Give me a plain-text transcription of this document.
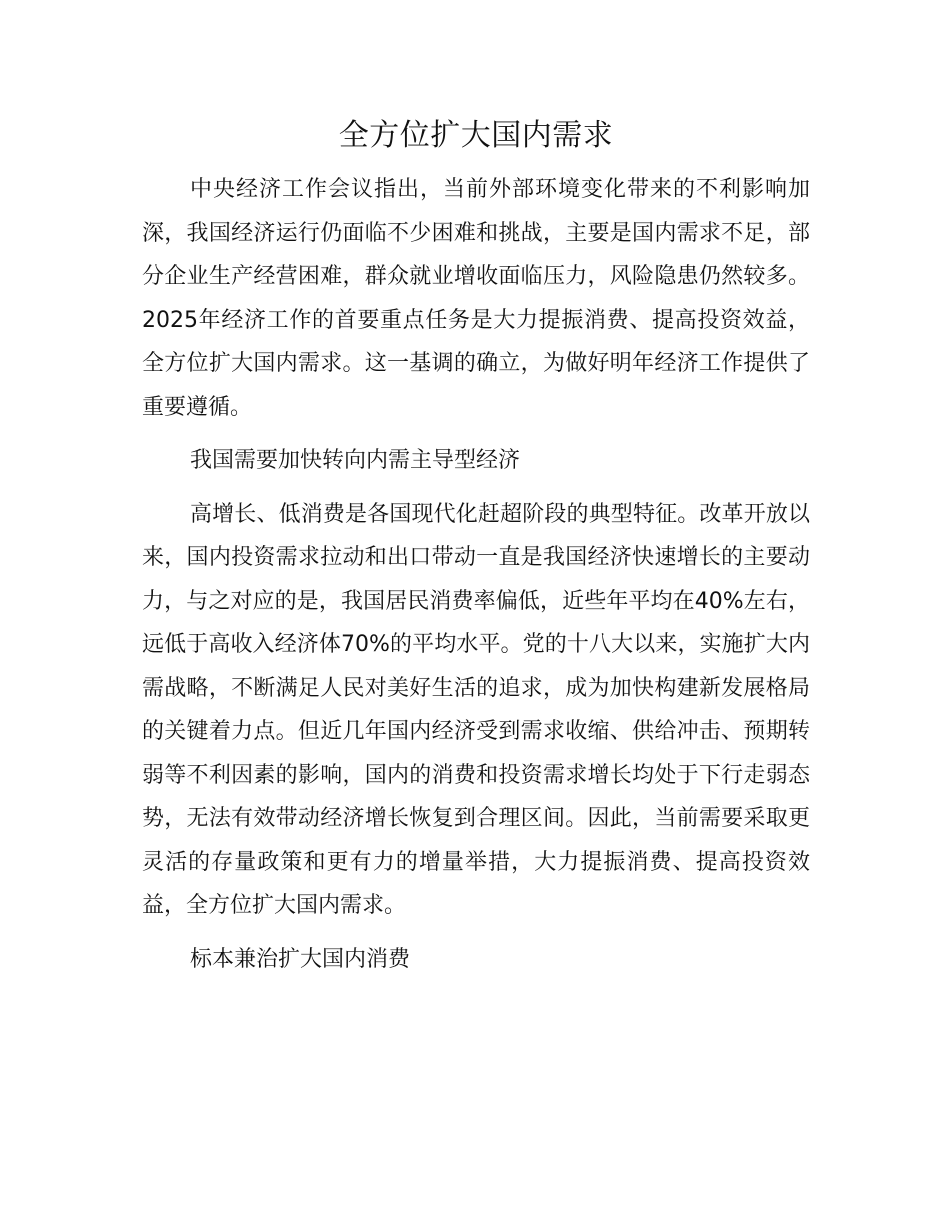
全方位扩大国内需求

中央经济工作会议指出，当前外部环境变化带来的不利影响加深，我国经济运行仍面临不少困难和挑战，主要是国内需求不足，部分企业生产经营困难，群众就业增收面临压力，风险隐患仍然较多。2025年经济工作的首要重点任务是大力提振消费、提高投资效益，全方位扩大国内需求。这一基调的确立，为做好明年经济工作提供了重要遵循。

我国需要加快转向内需主导型经济

高增长、低消费是各国现代化赶超阶段的典型特征。改革开放以来，国内投资需求拉动和出口带动一直是我国经济快速增长的主要动力，与之对应的是，我国居民消费率偏低，近些年平均在40%左右，远低于高收入经济体70%的平均水平。党的十八大以来，实施扩大内需战略，不断满足人民对美好生活的追求，成为加快构建新发展格局的关键着力点。但近几年国内经济受到需求收缩、供给冲击、预期转弱等不利因素的影响，国内的消费和投资需求增长均处于下行走弱态势，无法有效带动经济增长恢复到合理区间。因此，当前需要采取更灵活的存量政策和更有力的增量举措，大力提振消费、提高投资效益，全方位扩大国内需求。

标本兼治扩大国内消费
